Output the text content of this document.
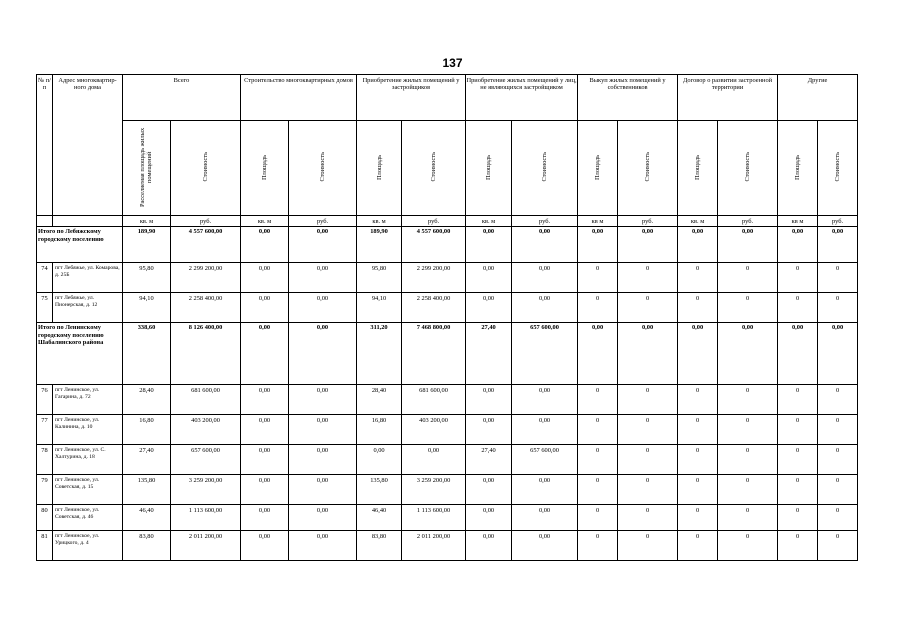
137
№ п/п	Адрес многоквартир-ного дома	Всего		Строительство многоквартирных домов		Приобретение жилых помещений у застройщиков		Приобретение жилых помещений у лиц, не являющихся застройщиком		Выкуп жилых помещений у собственников		Договор о развитии застроенной территории		Другие	
		Расселяемая площадь жилых помещений	Стоимость	Площадь	Стоимость	Площадь	Стоимость	Площадь	Стоимость	Площадь	Стоимость	Площадь	Стоимость	Площадь	Стоимость
		кв. м	руб.	кв. м	руб.	кв. м	руб.	кв. м	руб.	кв м	руб.	кв. м	руб.	кв м	руб.
Итого по Лебяжскому городскому поселению		189,90	4 557 600,00	0,00	0,00	189,90	4 557 600,00	0,00	0,00	0,00	0,00	0,00	0,00	0,00	0,00
74	пгт Лебяжье, ул. Комарова, д. 25Б	95,80	2 299 200,00	0,00	0,00	95,80	2 299 200,00	0,00	0,00	0	0	0	0	0	0
75	пгт Лебяжье, ул. Пионерская, д. 12	94,10	2 258 400,00	0,00	0,00	94,10	2 258 400,00	0,00	0,00	0	0	0	0	0	0
Итого по Ленинскому городскому поселению Шабалинского района		338,60	8 126 400,00	0,00	0,00	311,20	7 468 800,00	27,40	657 600,00	0,00	0,00	0,00	0,00	0,00	0,00
76	пгт Ленинское, ул. Гагарина, д. 72	28,40	681 600,00	0,00	0,00	28,40	681 600,00	0,00	0,00	0	0	0	0	0	0
77	пгт Ленинское, ул. Калинина, д. 10	16,80	403 200,00	0,00	0,00	16,80	403 200,00	0,00	0,00	0	0	0	0	0	0
78	пгт Ленинское, ул. С. Халтурина, д. 18	27,40	657 600,00	0,00	0,00	0,00	0,00	27,40	657 600,00	0	0	0	0	0	0
79	пгт Ленинское, ул. Советская, д. 15	135,80	3 259 200,00	0,00	0,00	135,80	3 259 200,00	0,00	0,00	0	0	0	0	0	0
80	пгт Ленинское, ул. Советская, д. 46	46,40	1 113 600,00	0,00	0,00	46,40	1 113 600,00	0,00	0,00	0	0	0	0	0	0
81	пгт Ленинское, ул. Урицкого, д. 4	83,80	2 011 200,00	0,00	0,00	83,80	2 011 200,00	0,00	0,00	0	0	0	0	0	0
